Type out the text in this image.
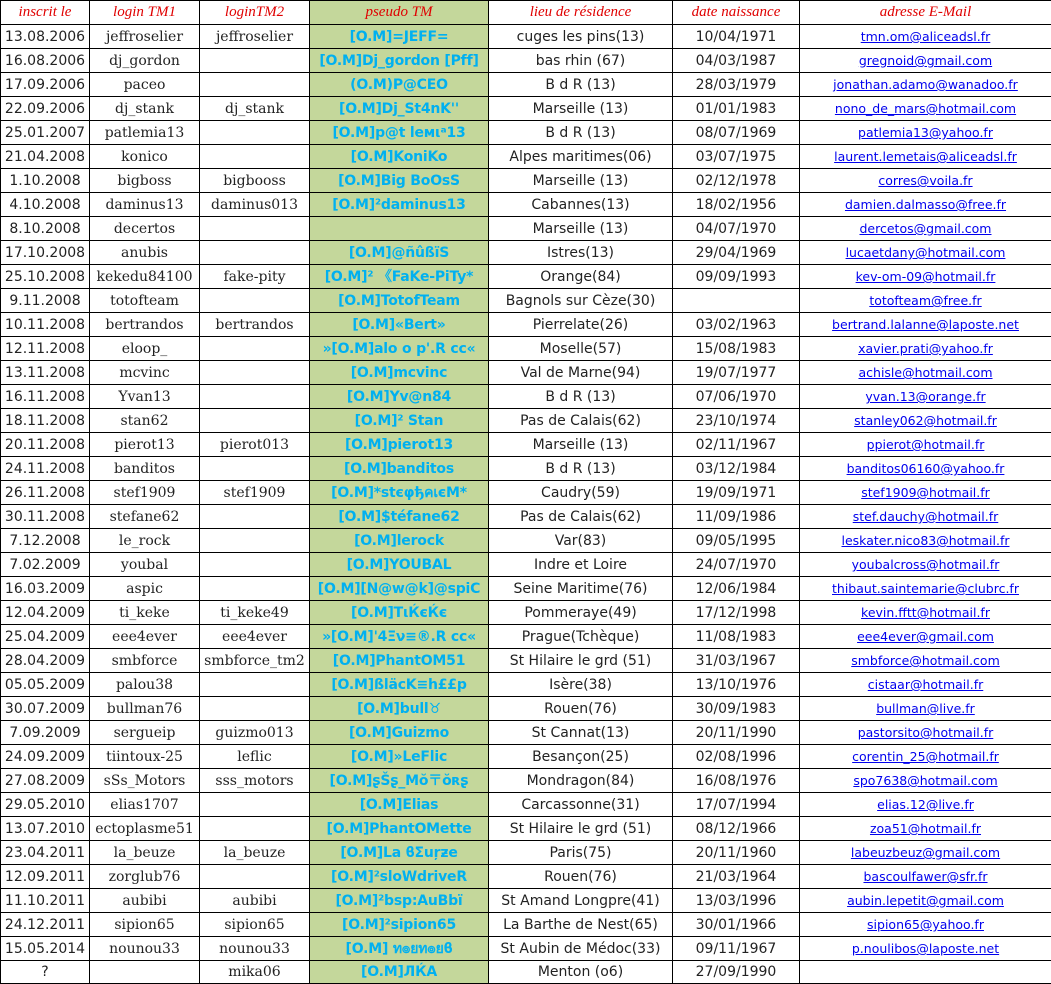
inscrit le	login TM1	loginTM2	pseudo TM	lieu de résidence	date naissance	adresse E-Mail
13.08.2006	jeffroselier	jeffroselier	[O.M]=JEFF=	cuges les pins(13)	10/04/1971	tmn.om@aliceadsl.fr
16.08.2006	dj_gordon		[O.M]Dj_gordon [Pff]	bas rhin (67)	04/03/1987	gregnoid@gmail.com
17.09.2006	paceo		(O.M)P@CEO	B d R (13)	28/03/1979	jonathan.adamo@wanadoo.fr
22.09.2006	dj_stank	dj_stank	[O.M]Dj_St4nK''	Marseille (13)	01/01/1983	nono_de_mars@hotmail.com
25.01.2007	patlemia13		[O.M]p@t leмιᵃ13	B d R (13)	08/07/1969	patlemia13@yahoo.fr
21.04.2008	konico		[O.M]KoniKo	Alpes maritimes(06)	03/07/1975	laurent.lemetais@aliceadsl.fr
1.10.2008	bigboss	bigbooss	[O.M]Big BoOsS	Marseille (13)	02/12/1978	corres@voila.fr
4.10.2008	daminus13	daminus013	[O.M]²daminus13	Cabannes(13)	18/02/1956	damien.dalmasso@free.fr
8.10.2008	decertos			Marseille (13)	04/07/1970	dercetos@gmail.com
17.10.2008	anubis		[O.M]@ñûßïS	Istres(13)	29/04/1969	lucaetdany@hotmail.com
25.10.2008	kekedu84100	fake-pity	[O.M]² 《FaKe-PiTy*	Orange(84)	09/09/1993	kev-om-09@hotmail.fr
9.11.2008	totofteam		[O.M]TotofTeam	Bagnols sur Cèze(30)		totofteam@free.fr
10.11.2008	bertrandos	bertrandos	[O.M]«Bert»	Pierrelate(26)	03/02/1963	bertrand.lalanne@laposte.net
12.11.2008	eloop_		»[O.M]alo o p'.R cc«	Moselle(57)	15/08/1983	xavier.prati@yahoo.fr
13.11.2008	mcvinc		[O.M]mcvinc	Val de Marne(94)	19/07/1977	achisle@hotmail.com
16.11.2008	Yvan13		[O.M]Yv@n84	B d R (13)	07/06/1970	yvan.13@orange.fr
18.11.2008	stan62		[O.M]² Stan	Pas de Calais(62)	23/10/1974	stanley062@hotmail.fr
20.11.2008	pierot13	pierot013	[O.M]pierot13	Marseille (13)	02/11/1967	ppierot@hotmail.fr
24.11.2008	banditos		[O.M]banditos	B d R (13)	03/12/1984	banditos06160@yahoo.fr
26.11.2008	stef1909	stef1909	[O.M]*stєφђคเєM*	Caudry(59)	19/09/1971	stef1909@hotmail.fr
30.11.2008	stefane62		[O.M]$téfane62	Pas de Calais(62)	11/09/1986	stef.dauchy@hotmail.fr
7.12.2008	le_rock		[O.M]lerock	Var(83)	09/05/1995	leskater.nico83@hotmail.fr
7.02.2009	youbal		[O.M]YOUBAL	Indre et Loire	24/07/1970	youbalcross@hotmail.fr
16.03.2009	aspic		[O.M][N@w@k]@spiC	Seine Maritime(76)	12/06/1984	thibaut.saintemarie@clubrc.fr
12.04.2009	ti_keke	ti_keke49	[O.M]TιЌєЌє	Pommeraye(49)	17/12/1998	kevin.fftt@hotmail.fr
25.04.2009	eee4ever	eee4ever	»[O.M]'4Ξν≡®.R cc«	Prague(Tchèque)	11/08/1983	eee4ever@gmail.com
28.04.2009	smbforce	smbforce_tm2	[O.M]PhantOM51	St Hilaire le grd (51)	31/03/1967	smbforce@hotmail.com
05.05.2009	palou38		[O.M]ßläcK≡h££p	Isère(38)	13/10/1976	cistaar@hotmail.fr
30.07.2009	bullman76		[O.M]bull♉	Rouen(76)	30/09/1983	bullman@live.fr
7.09.2009	sergueip	guizmo013	[O.M]Guizmo	St Cannat(13)	20/11/1990	pastorsito@hotmail.fr
24.09.2009	tiintoux-25	leflic	[O.M]»LeFlic	Besançon(25)	02/08/1996	corentin_25@hotmail.fr
27.08.2009	sSs_Motors	sss_motors	[O.M]ʂŠʂ_Mŏ〒ŏʀʂ	Mondragon(84)	16/08/1976	spo7638@hotmail.com
29.05.2010	elias1707		[O.M]Elias	Carcassonne(31)	17/07/1994	elias.12@live.fr
13.07.2010	ectoplasme51		[O.M]PhantOMette	St Hilaire le grd (51)	08/12/1966	zoa51@hotmail.fr
23.04.2011	la_beuze	la_beuze	[O.M]La ϐΣuŗƶe	Paris(75)	20/11/1960	labeuzbeuz@gmail.com
12.09.2011	zorglub76		[O.M]²sloWdriveR	Rouen(76)	21/03/1964	bascoulfawer@sfr.fr
11.10.2011	aubibi	aubibi	[O.M]²bsp:AuBbï	St Amand Longpre(41)	13/03/1996	aubin.lepetit@gmail.com
24.12.2011	sipion65	sipion65	[O.M]²sipion65	La Barthe de Nest(65)	30/01/1966	sipion65@yahoo.fr
15.05.2014	nounou33	nounou33	[O.M] ท๏ยท๏ยϐ	St Aubin de Médoc(33)	09/11/1967	p.noulibos@laposte.net
?		mika06	[O.M]ЛЌA	Menton (o6)	27/09/1990	
